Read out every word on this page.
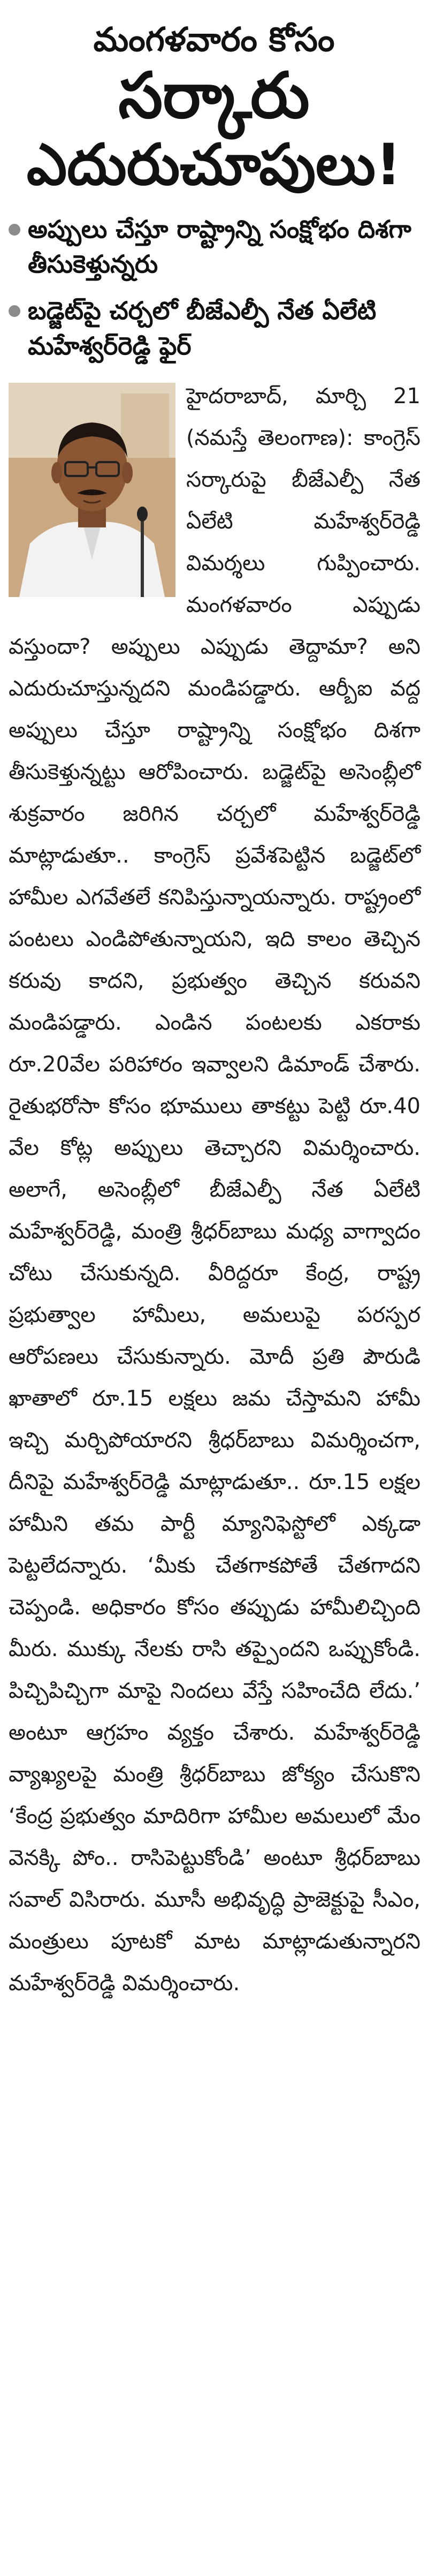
మంగళవారం కోసం
సర్కారు
ఎదురుచూపులు!
అప్పులు చేస్తూ రాష్ట్రాన్ని సంక్షోభం దిశగా తీసుకెళ్తున్నరు
బడ్జెట్‌పై చర్చలో బీజేఎల్పీ నేత ఏలేటి మహేశ్వర్‌రెడ్డి ఫైర్

హైదరాబాద్, మార్చి 21 (నమస్తే తెలంగాణ): కాంగ్రెస్ సర్కారుపై బీజేఎల్పీ నేత ఏలేటి మహేశ్వర్‌రెడ్డి విమర్శలు గుప్పించారు. మంగళవారం ఎప్పుడు వస్తుందా? అప్పులు ఎప్పుడు తెద్దామా? అని ఎదురుచూస్తున్నదని మండిపడ్డారు. ఆర్బీఐ వద్ద అప్పులు చేస్తూ రాష్ట్రాన్ని సంక్షోభం దిశగా తీసుకెళ్తున్నట్టు ఆరోపించారు. బడ్జెట్‌పై అసెంబ్లీలో శుక్రవారం జరిగిన చర్చలో మహేశ్వర్‌రెడ్డి మాట్లాడుతూ.. కాంగ్రెస్ ప్రవేశపెట్టిన బడ్జెట్‌లో హామీల ఎగవేతలే కనిపిస్తున్నాయన్నారు. రాష్ట్రంలో పంటలు ఎండిపోతున్నాయని, ఇది కాలం తెచ్చిన కరువు కాదని, ప్రభుత్వం తెచ్చిన కరువని మండిపడ్డారు. ఎండిన పంటలకు ఎకరాకు రూ.20వేల పరిహారం ఇవ్వాలని డిమాండ్ చేశారు. రైతుభరోసా కోసం భూములు తాకట్టు పెట్టి రూ.40 వేల కోట్ల అప్పులు తెచ్చారని విమర్శించారు. అలాగే, అసెంబ్లీలో బీజేఎల్పీ నేత ఏలేటి మహేశ్వర్‌రెడ్డి, మంత్రి శ్రీధర్‌బాబు మధ్య వాగ్వాదం చోటు చేసుకున్నది. వీరిద్దరూ కేంద్ర, రాష్ట్ర ప్రభుత్వాల హామీలు, అమలుపై పరస్పర ఆరోపణలు చేసుకున్నారు. మోదీ ప్రతి పౌరుడి ఖాతాలో రూ.15 లక్షలు జమ చేస్తామని హామీ ఇచ్చి మర్చిపోయారని శ్రీధర్‌బాబు విమర్శించగా, దీనిపై మహేశ్వర్‌రెడ్డి మాట్లాడుతూ.. రూ.15 లక్షల హామీని తమ పార్టీ మ్యానిఫెస్టోలో ఎక్కడా పెట్టలేదన్నారు. ‘మీకు చేతగాకపోతే చేతగాదని చెప్పండి. అధికారం కోసం తప్పుడు హామీలిచ్చింది మీరు. ముక్కు నేలకు రాసి తప్పైందని ఒప్పుకోండి. పిచ్చిపిచ్చిగా మాపై నిందలు వేస్తే సహించేది లేదు.’ అంటూ ఆగ్రహం వ్యక్తం చేశారు. మహేశ్వర్‌రెడ్డి వ్యాఖ్యలపై మంత్రి శ్రీధర్‌బాబు జోక్యం చేసుకొని ‘కేంద్ర ప్రభుత్వం మాదిరిగా హామీల అమలులో మేం వెనక్కి పోం.. రాసిపెట్టుకోండి’ అంటూ శ్రీధర్‌బాబు సవాల్ విసిరారు. మూసీ అభివృద్ధి ప్రాజెక్టుపై సీఎం, మంత్రులు పూటకో మాట మాట్లాడుతున్నారని మహేశ్వర్‌రెడ్డి విమర్శించారు.
